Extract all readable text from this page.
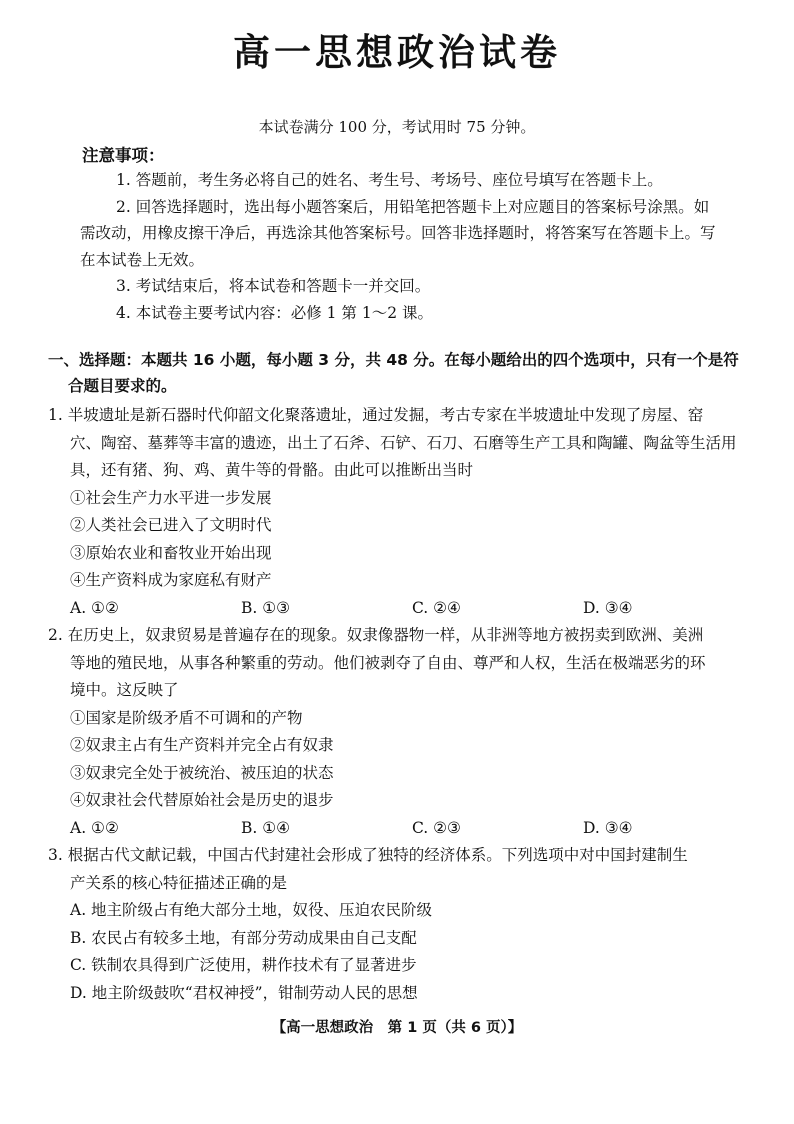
高一思想政治试卷
本试卷满分 100 分，考试用时 75 分钟。
注意事项：

1. 答题前，考生务必将自己的姓名、考生号、考场号、座位号填写在答题卡上。

2. 回答选择题时，选出每小题答案后，用铅笔把答题卡上对应题目的答案标号涂黑。如需改动，用橡皮擦干净后，再选涂其他答案标号。回答非选择题时，将答案写在答题卡上。写在本试卷上无效。

3. 考试结束后，将本试卷和答题卡一并交回。

4. 本试卷主要考试内容：必修 1 第 1～2 课。

一、选择题：本题共 16 小题，每小题 3 分，共 48 分。在每小题给出的四个选项中，只有一个是符
合题目要求的。
1. 半坡遗址是新石器时代仰韶文化聚落遗址，通过发掘，考古专家在半坡遗址中发现了房屋、窑
穴、陶窑、墓葬等丰富的遗迹，出土了石斧、石铲、石刀、石磨等生产工具和陶罐、陶盆等生活用
具，还有猪、狗、鸡、黄牛等的骨骼。由此可以推断出当时
①社会生产力水平进一步发展
②人类社会已进入了文明时代
③原始农业和畜牧业开始出现
④生产资料成为家庭私有财产
A. ①②	B. ①③	C. ②④	D. ③④
2. 在历史上，奴隶贸易是普遍存在的现象。奴隶像器物一样，从非洲等地方被拐卖到欧洲、美洲
等地的殖民地，从事各种繁重的劳动。他们被剥夺了自由、尊严和人权，生活在极端恶劣的环
境中。这反映了
①国家是阶级矛盾不可调和的产物
②奴隶主占有生产资料并完全占有奴隶
③奴隶完全处于被统治、被压迫的状态
④奴隶社会代替原始社会是历史的退步
A. ①②	B. ①④	C. ②③	D. ③④
3. 根据古代文献记载，中国古代封建社会形成了独特的经济体系。下列选项中对中国封建制生
产关系的核心特征描述正确的是
A. 地主阶级占有绝大部分土地，奴役、压迫农民阶级
B. 农民占有较多土地，有部分劳动成果由自己支配
C. 铁制农具得到广泛使用，耕作技术有了显著进步
D. 地主阶级鼓吹“君权神授”，钳制劳动人民的思想
【高一思想政治　第 1 页（共 6 页）】
